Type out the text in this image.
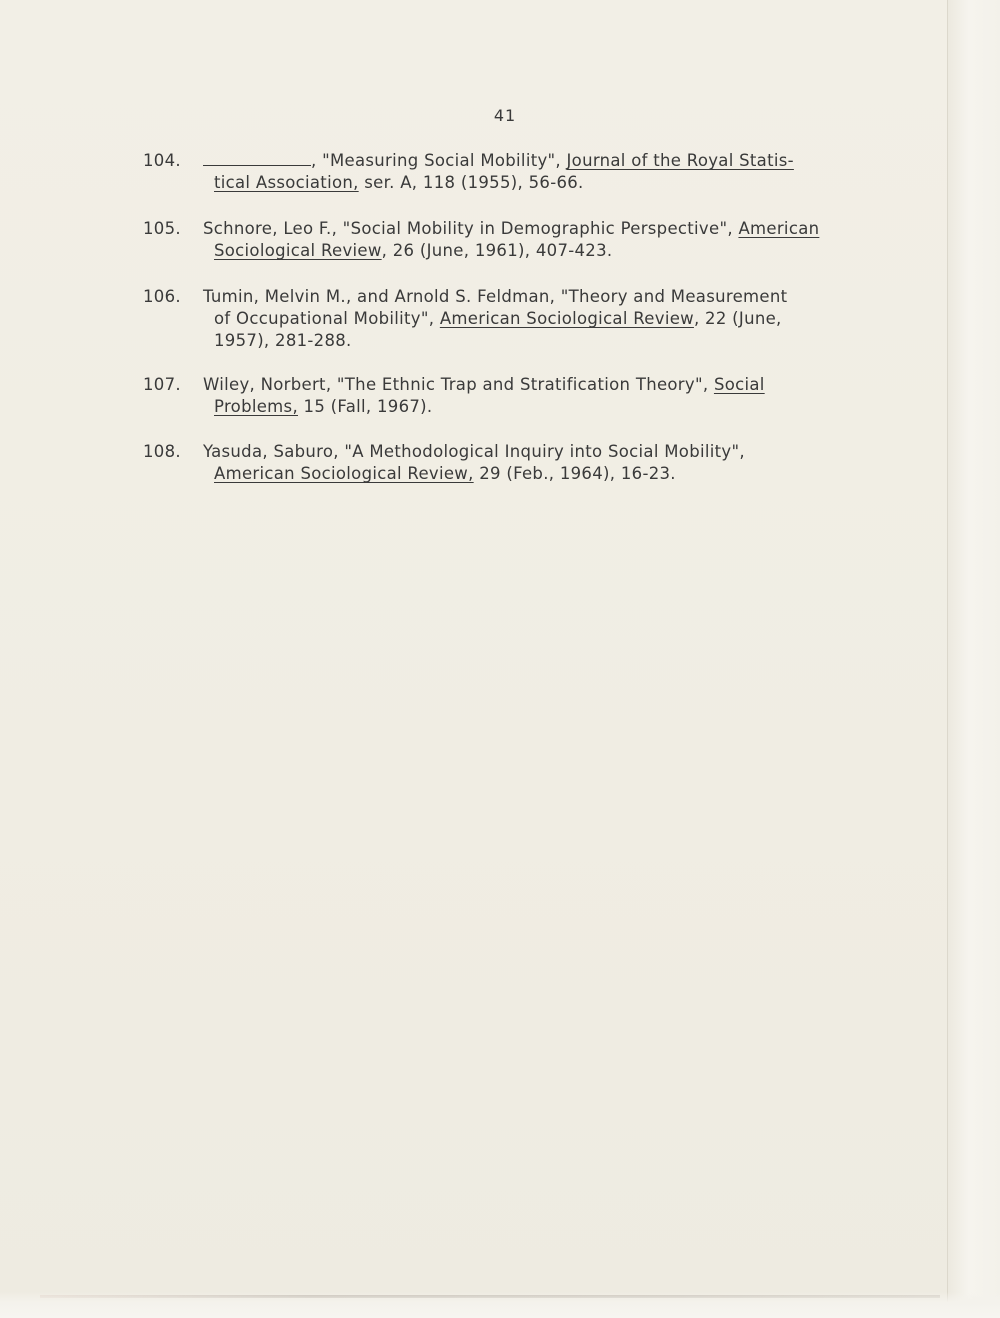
41
104.	, "Measuring Social Mobility", Journal of the Royal Statis-
tical Association, ser. A, 118 (1955), 56-66.
105.	Schnore, Leo F., "Social Mobility in Demographic Perspective", American
Sociological Review, 26 (June, 1961), 407-423.
106.	Tumin, Melvin M., and Arnold S. Feldman, "Theory and Measurement
of Occupational Mobility", American Sociological Review, 22 (June,
1957), 281-288.
107.	Wiley, Norbert, "The Ethnic Trap and Stratification Theory", Social
Problems, 15 (Fall, 1967).
108.	Yasuda, Saburo, "A Methodological Inquiry into Social Mobility",
American Sociological Review, 29 (Feb., 1964), 16-23.
